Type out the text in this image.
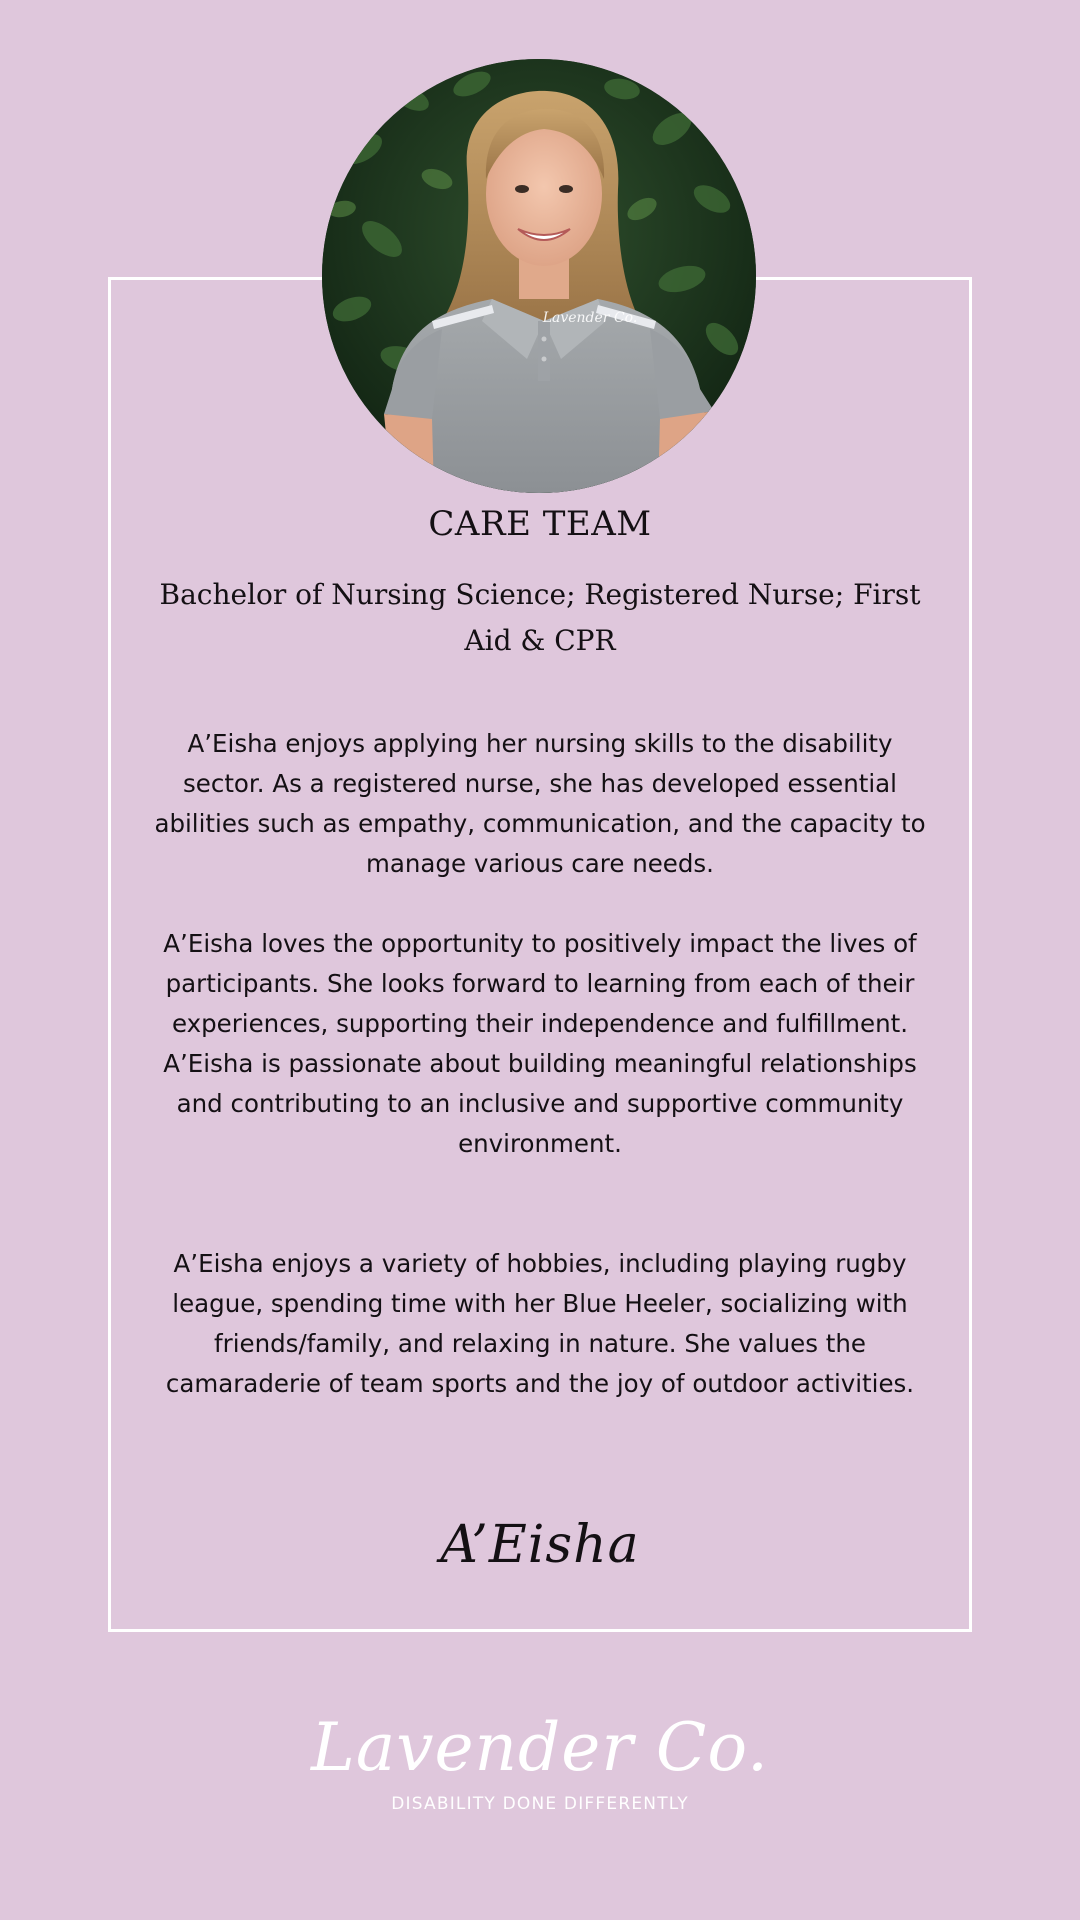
Lavender Co.
CARE TEAM
Bachelor of Nursing Science; Registered Nurse; First Aid & CPR

A’Eisha enjoys applying her nursing skills to the disability sector. As a registered nurse, she has developed essential abilities such as empathy, communication, and the capacity to manage various care needs.

A’Eisha loves the opportunity to positively impact the lives of participants. She looks forward to learning from each of their experiences, supporting their independence and fulfillment. A’Eisha is passionate about building meaningful relationships and contributing to an inclusive and supportive community environment.

A’Eisha enjoys a variety of hobbies, including playing rugby league, spending time with her Blue Heeler, socializing with friends/family, and relaxing in nature. She values the camaraderie of team sports and the joy of outdoor activities.

A’Eisha
Lavender Co.
DISABILITY DONE DIFFERENTLY
